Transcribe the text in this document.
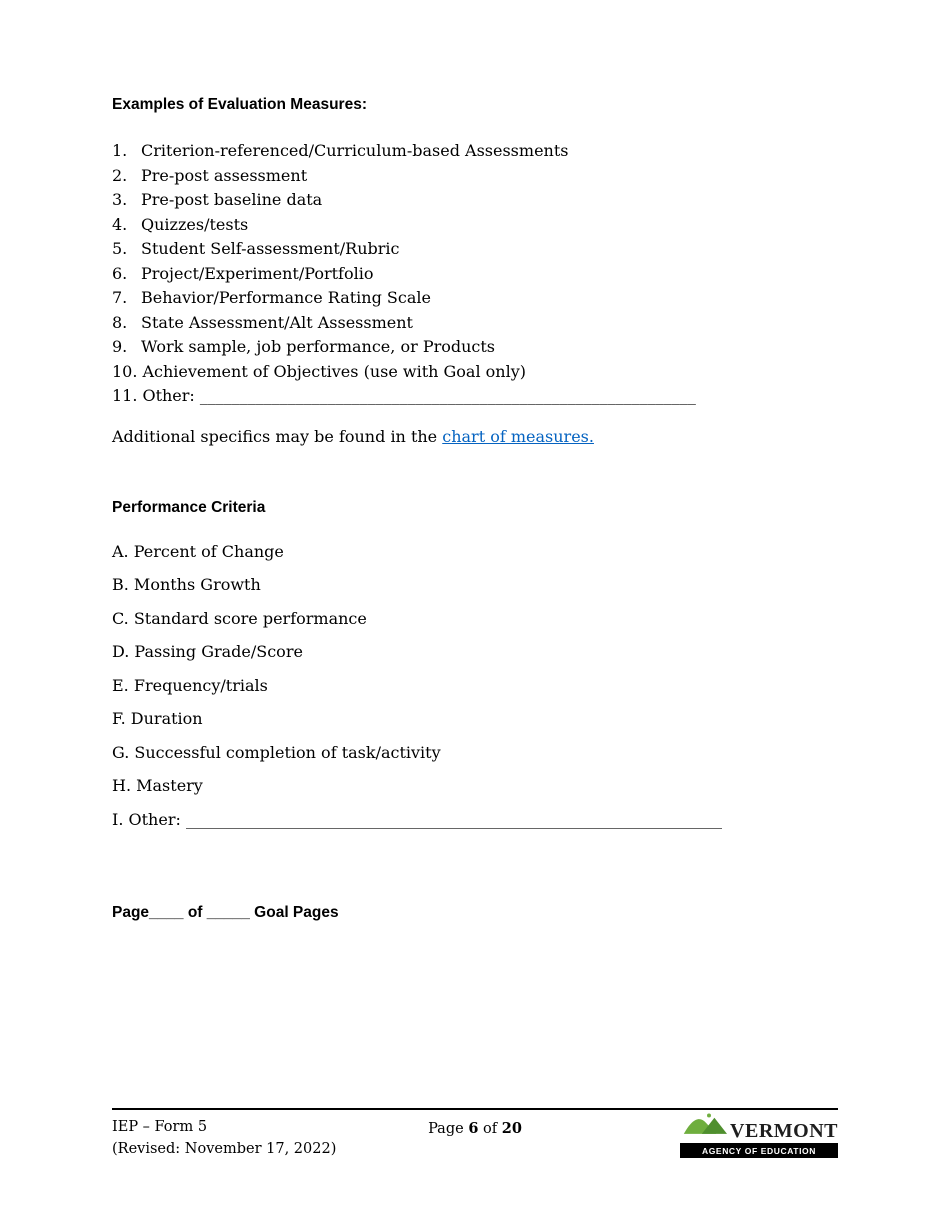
Examples of Evaluation Measures:
1. Criterion-referenced/Curriculum-based Assessments
2. Pre-post assessment
3. Pre-post baseline data
4. Quizzes/tests
5. Student Self-assessment/Rubric
6. Project/Experiment/Portfolio
7. Behavior/Performance Rating Scale
8. State Assessment/Alt Assessment
9. Work sample, job performance, or Products
10. Achievement of Objectives (use with Goal only)
11. Other: ______________________________________________________________

Additional specifics may be found in the chart of measures.

Performance Criteria

A. Percent of Change

B. Months Growth

C. Standard score performance

D. Passing Grade/Score

E. Frequency/trials

F. Duration

G. Successful completion of task/activity

H. Mastery

I. Other: ___________________________________________________________________

Page____ of _____ Goal Pages

IEP – Form 5
(Revised: November 17, 2022)
Page 6 of 20	VERMONT
AGENCY OF EDUCATION
